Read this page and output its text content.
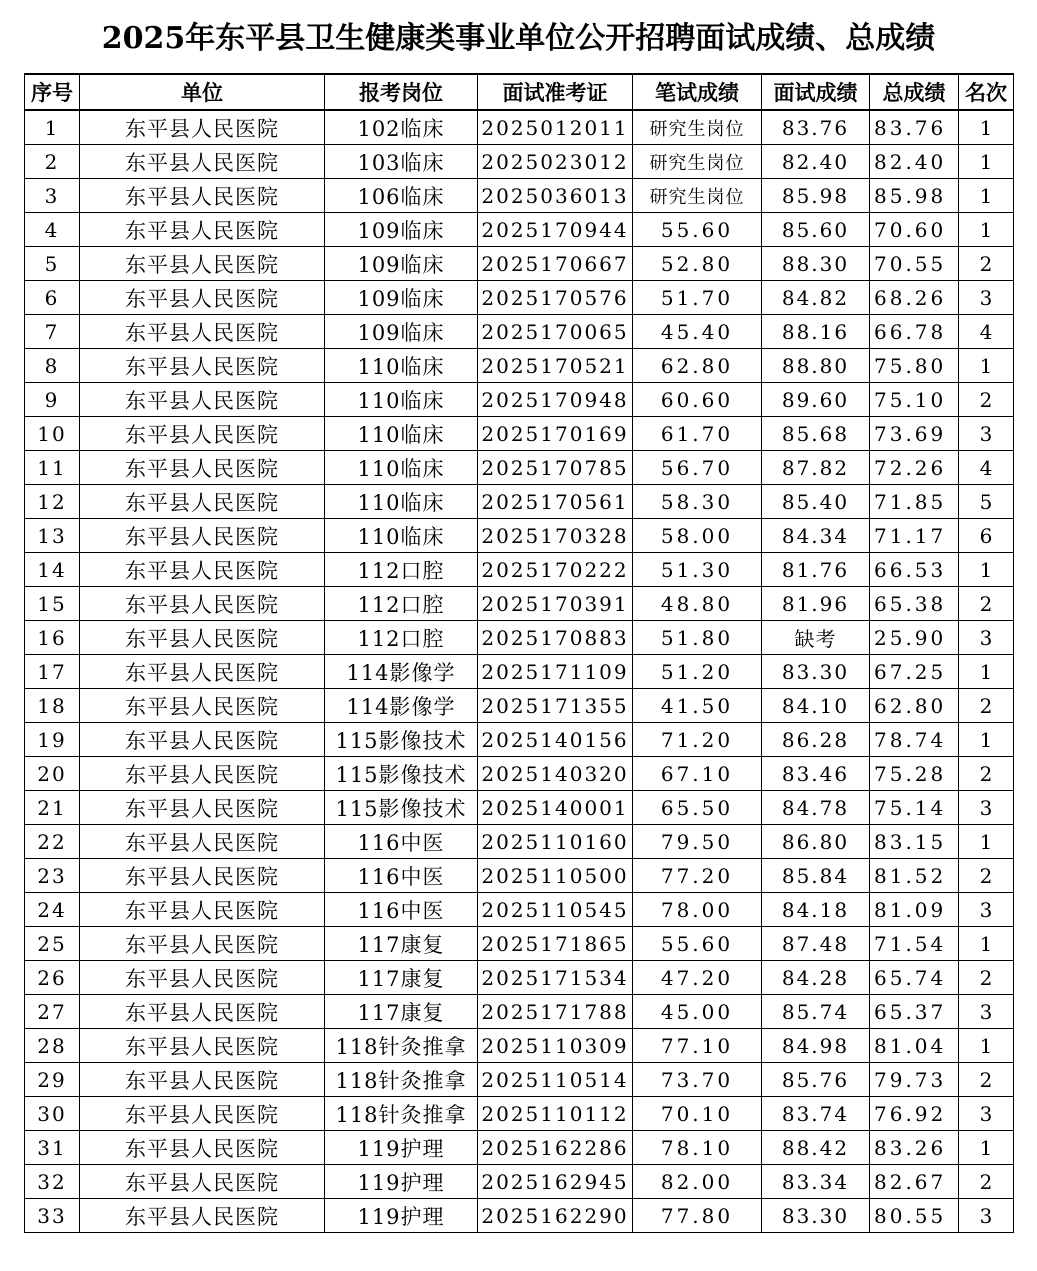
2025年东平县卫生健康类事业单位公开招聘面试成绩、总成绩
序号	单位	报考岗位	面试准考证	笔试成绩	面试成绩	总成绩	名次
1	东平县人民医院	102临床	2025012011	研究生岗位	83.76	83.76	1
2	东平县人民医院	103临床	2025023012	研究生岗位	82.40	82.40	1
3	东平县人民医院	106临床	2025036013	研究生岗位	85.98	85.98	1
4	东平县人民医院	109临床	2025170944	55.60	85.60	70.60	1
5	东平县人民医院	109临床	2025170667	52.80	88.30	70.55	2
6	东平县人民医院	109临床	2025170576	51.70	84.82	68.26	3
7	东平县人民医院	109临床	2025170065	45.40	88.16	66.78	4
8	东平县人民医院	110临床	2025170521	62.80	88.80	75.80	1
9	东平县人民医院	110临床	2025170948	60.60	89.60	75.10	2
10	东平县人民医院	110临床	2025170169	61.70	85.68	73.69	3
11	东平县人民医院	110临床	2025170785	56.70	87.82	72.26	4
12	东平县人民医院	110临床	2025170561	58.30	85.40	71.85	5
13	东平县人民医院	110临床	2025170328	58.00	84.34	71.17	6
14	东平县人民医院	112口腔	2025170222	51.30	81.76	66.53	1
15	东平县人民医院	112口腔	2025170391	48.80	81.96	65.38	2
16	东平县人民医院	112口腔	2025170883	51.80	缺考	25.90	3
17	东平县人民医院	114影像学	2025171109	51.20	83.30	67.25	1
18	东平县人民医院	114影像学	2025171355	41.50	84.10	62.80	2
19	东平县人民医院	115影像技术	2025140156	71.20	86.28	78.74	1
20	东平县人民医院	115影像技术	2025140320	67.10	83.46	75.28	2
21	东平县人民医院	115影像技术	2025140001	65.50	84.78	75.14	3
22	东平县人民医院	116中医	2025110160	79.50	86.80	83.15	1
23	东平县人民医院	116中医	2025110500	77.20	85.84	81.52	2
24	东平县人民医院	116中医	2025110545	78.00	84.18	81.09	3
25	东平县人民医院	117康复	2025171865	55.60	87.48	71.54	1
26	东平县人民医院	117康复	2025171534	47.20	84.28	65.74	2
27	东平县人民医院	117康复	2025171788	45.00	85.74	65.37	3
28	东平县人民医院	118针灸推拿	2025110309	77.10	84.98	81.04	1
29	东平县人民医院	118针灸推拿	2025110514	73.70	85.76	79.73	2
30	东平县人民医院	118针灸推拿	2025110112	70.10	83.74	76.92	3
31	东平县人民医院	119护理	2025162286	78.10	88.42	83.26	1
32	东平县人民医院	119护理	2025162945	82.00	83.34	82.67	2
33	东平县人民医院	119护理	2025162290	77.80	83.30	80.55	3
